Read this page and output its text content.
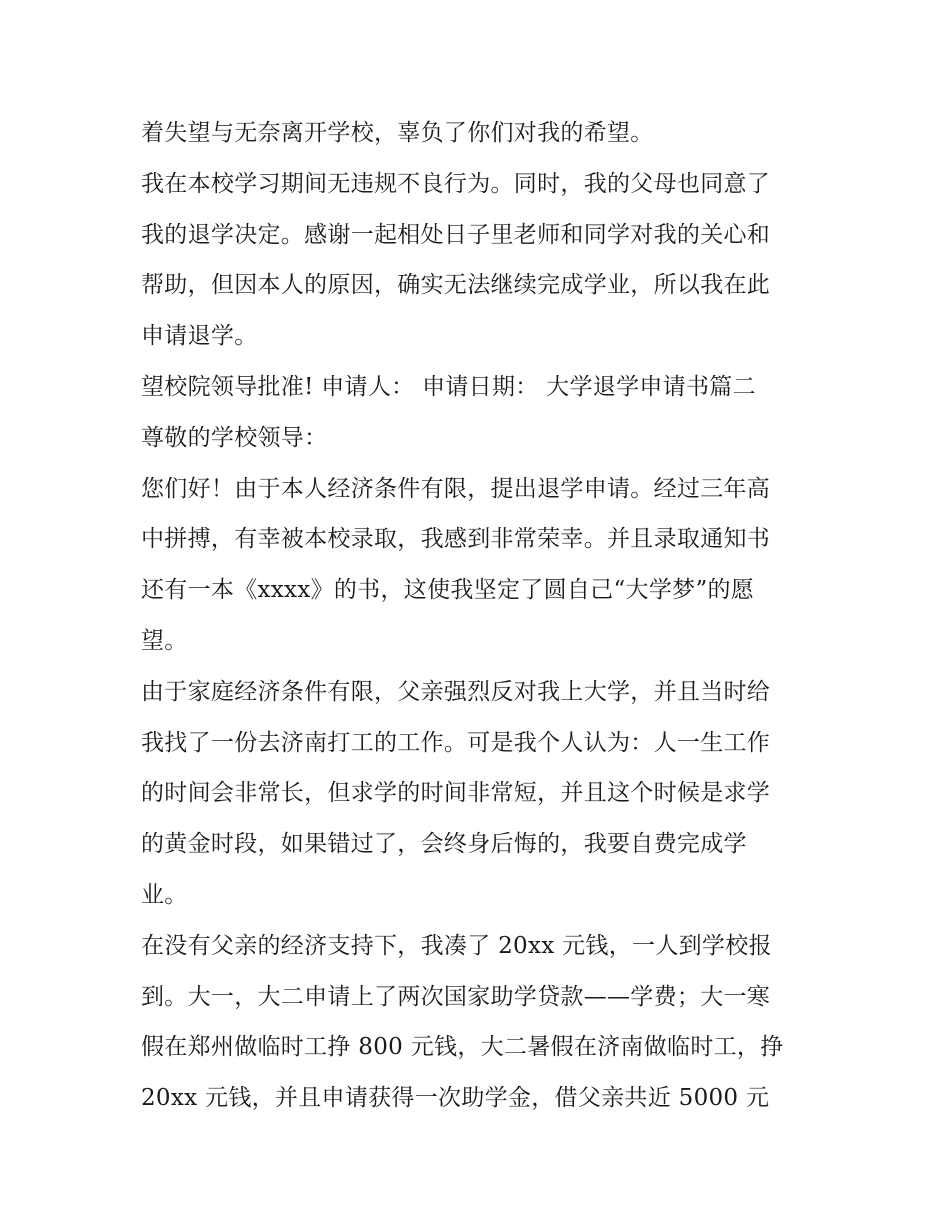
着失望与无奈离开学校，辜负了你们对我的希望。
我在本校学习期间无违规不良行为。同时，我的父母也同意了
我的退学决定。感谢一起相处日子里老师和同学对我的关心和
帮助，但因本人的原因，确实无法继续完成学业，所以我在此
申请退学。
望校院领导批准! 申请人： 申请日期： 大学退学申请书篇二
尊敬的学校领导：
您们好！由于本人经济条件有限，提出退学申请。经过三年高
中拼搏，有幸被本校录取，我感到非常荣幸。并且录取通知书
还有一本《xxxx》的书，这使我坚定了圆自己“大学梦”的愿
望。
由于家庭经济条件有限，父亲强烈反对我上大学，并且当时给
我找了一份去济南打工的工作。可是我个人认为：人一生工作
的时间会非常长，但求学的时间非常短，并且这个时候是求学
的黄金时段，如果错过了，会终身后悔的，我要自费完成学
业。
在没有父亲的经济支持下，我凑了 20xx 元钱，一人到学校报
到。大一，大二申请上了两次国家助学贷款——学费；大一寒
假在郑州做临时工挣 800 元钱，大二暑假在济南做临时工，挣
20xx 元钱，并且申请获得一次助学金，借父亲共近 5000 元
